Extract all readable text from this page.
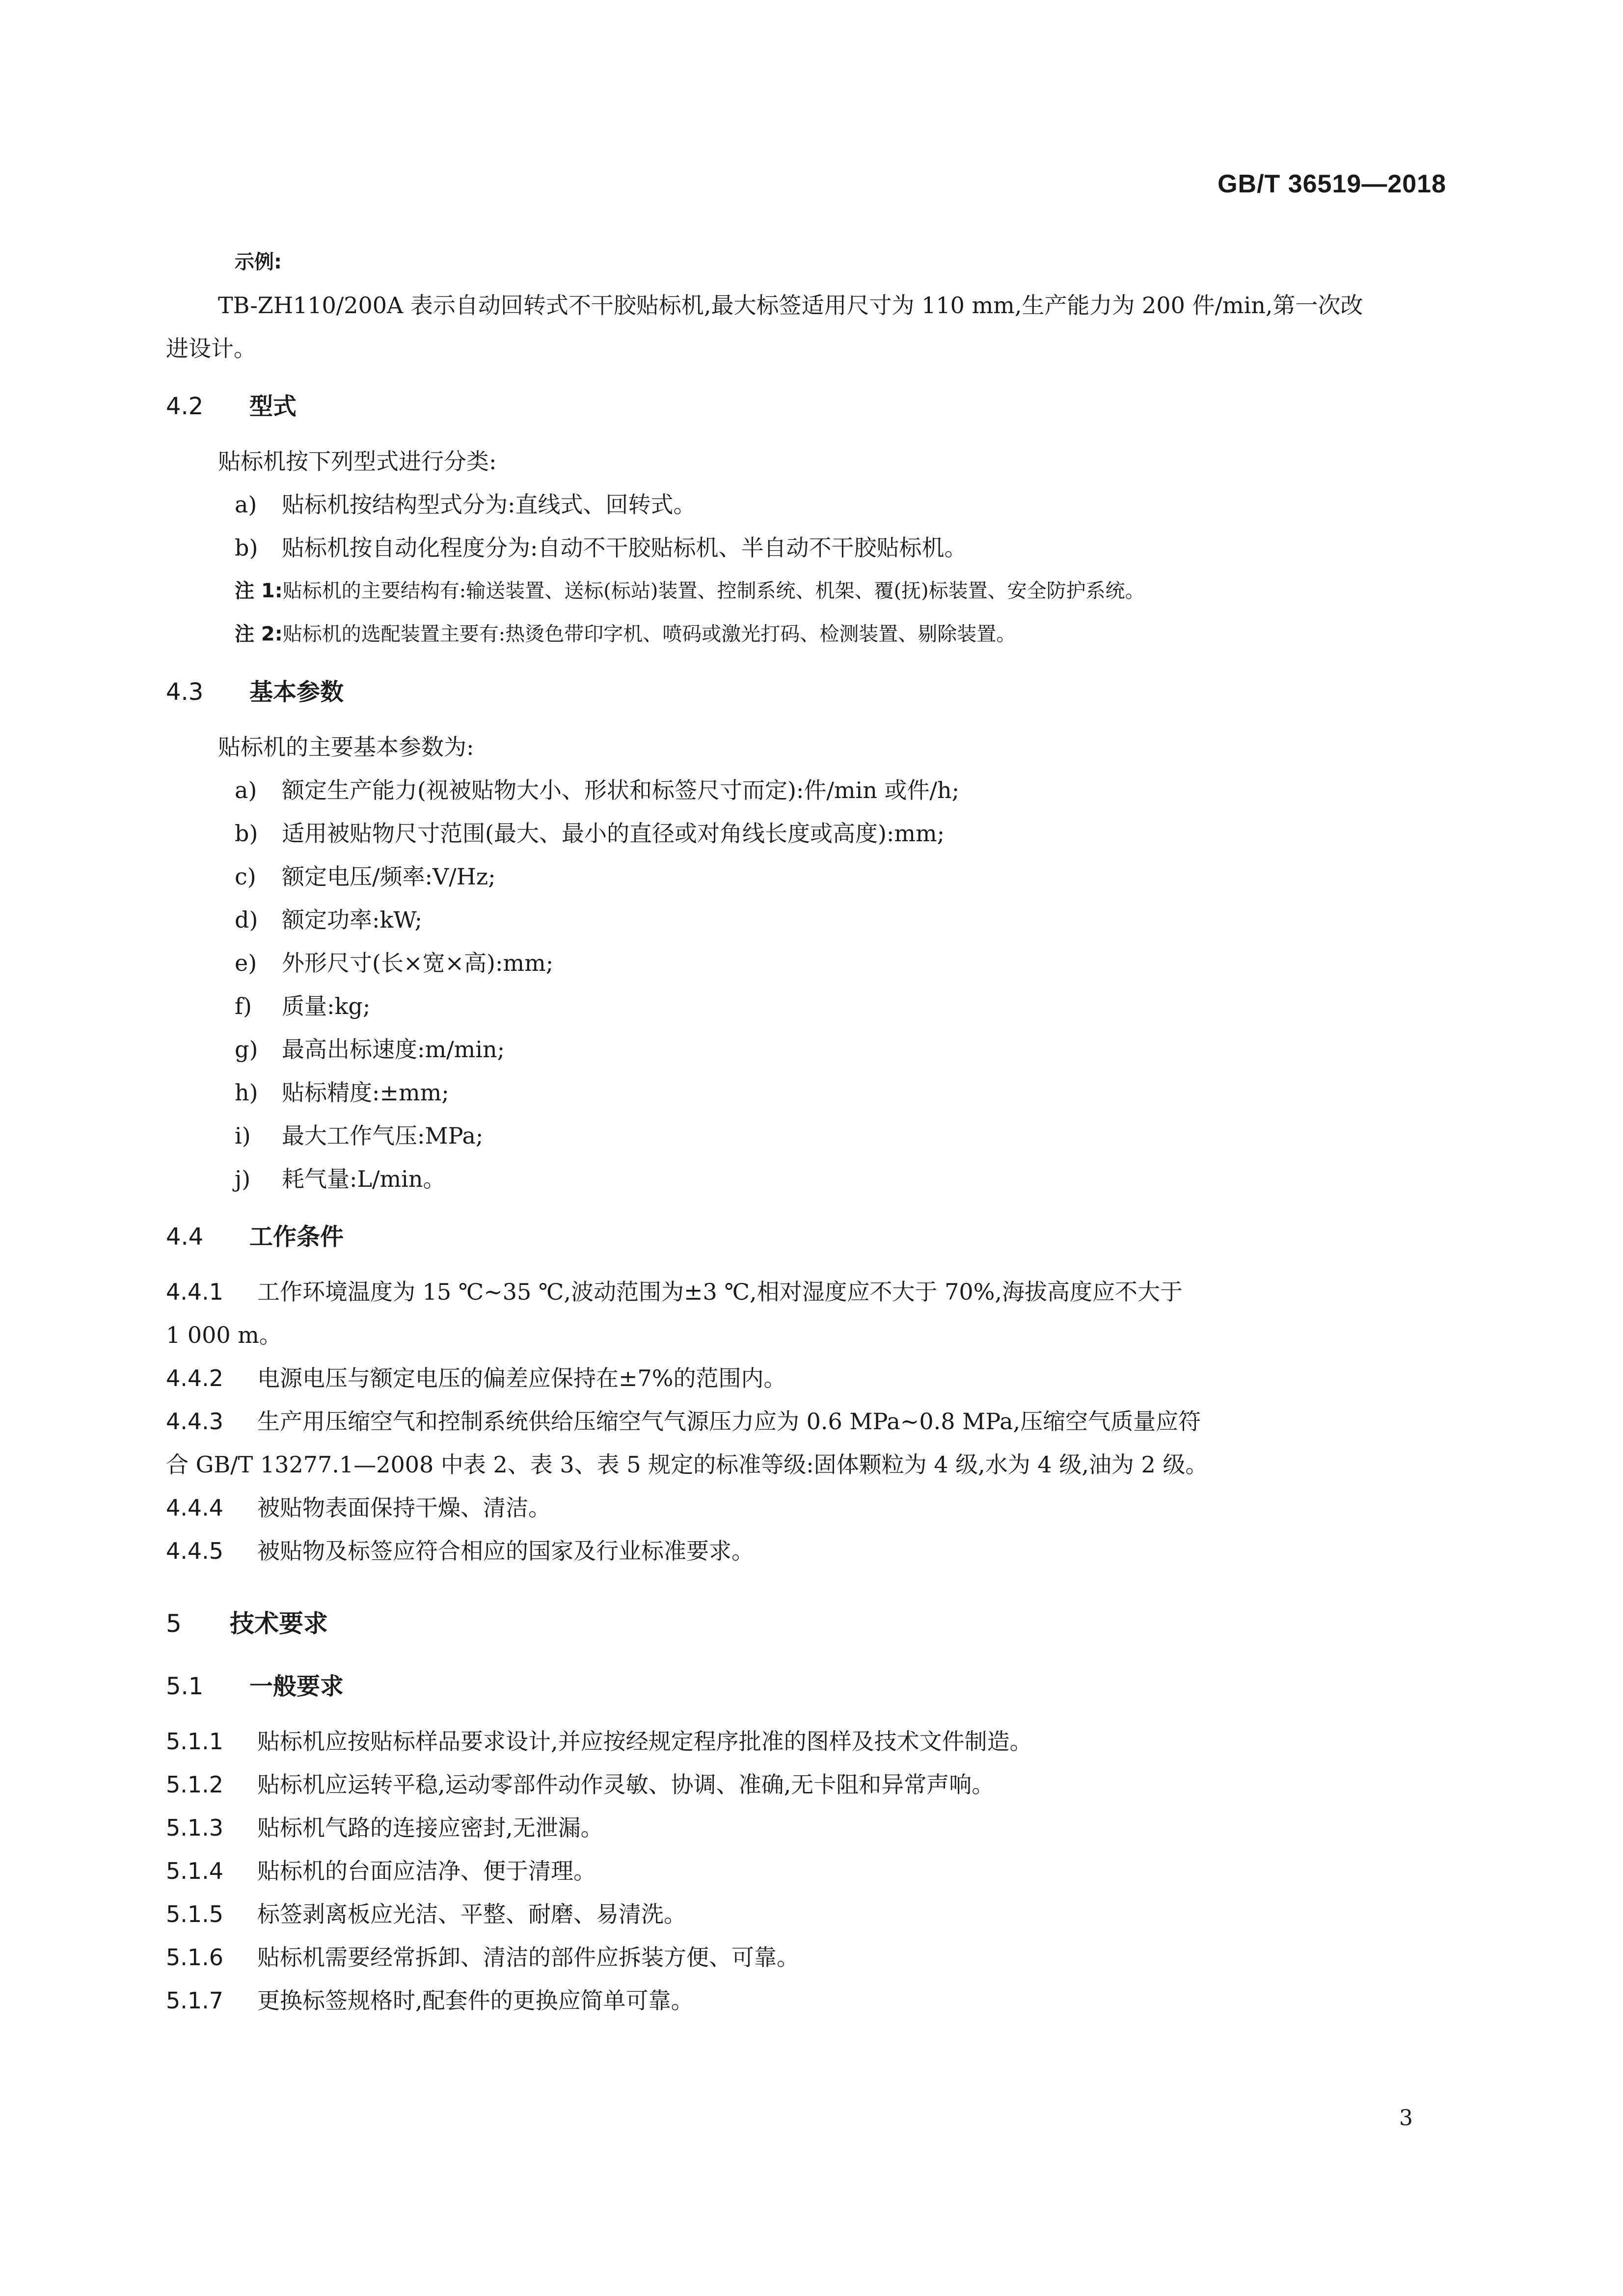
GB/T 36519—2018
示例:
TB-ZH110/200A 表示自动回转式不干胶贴标机,最大标签适用尺寸为 110 mm,生产能力为 200 件/min,第一次改
进设计。
4.2 型式
贴标机按下列型式进行分类:
a) 贴标机按结构型式分为:直线式、回转式。
b) 贴标机按自动化程度分为:自动不干胶贴标机、半自动不干胶贴标机。
注 1:贴标机的主要结构有:输送装置、送标(标站)装置、控制系统、机架、覆(抚)标装置、安全防护系统。
注 2:贴标机的选配装置主要有:热烫色带印字机、喷码或激光打码、检测装置、剔除装置。
4.3 基本参数
贴标机的主要基本参数为:
a) 额定生产能力(视被贴物大小、形状和标签尺寸而定):件/min 或件/h;
b) 适用被贴物尺寸范围(最大、最小的直径或对角线长度或高度):mm;
c) 额定电压/频率:V/Hz;
d) 额定功率:kW;
e) 外形尺寸(长×宽×高):mm;
f) 质量:kg;
g) 最高出标速度:m/min;
h) 贴标精度:±mm;
i) 最大工作气压:MPa;
j) 耗气量:L/min。
4.4 工作条件
4.4.1 工作环境温度为 15 ℃~35 ℃,波动范围为±3 ℃,相对湿度应不大于 70%,海拔高度应不大于
1 000 m。
4.4.2 电源电压与额定电压的偏差应保持在±7%的范围内。
4.4.3 生产用压缩空气和控制系统供给压缩空气气源压力应为 0.6 MPa~0.8 MPa,压缩空气质量应符
合 GB/T 13277.1—2008 中表 2、表 3、表 5 规定的标准等级:固体颗粒为 4 级,水为 4 级,油为 2 级。
4.4.4 被贴物表面保持干燥、清洁。
4.4.5 被贴物及标签应符合相应的国家及行业标准要求。
5 技术要求
5.1 一般要求
5.1.1 贴标机应按贴标样品要求设计,并应按经规定程序批准的图样及技术文件制造。
5.1.2 贴标机应运转平稳,运动零部件动作灵敏、协调、准确,无卡阻和异常声响。
5.1.3 贴标机气路的连接应密封,无泄漏。
5.1.4 贴标机的台面应洁净、便于清理。
5.1.5 标签剥离板应光洁、平整、耐磨、易清洗。
5.1.6 贴标机需要经常拆卸、清洁的部件应拆装方便、可靠。
5.1.7 更换标签规格时,配套件的更换应简单可靠。
3
